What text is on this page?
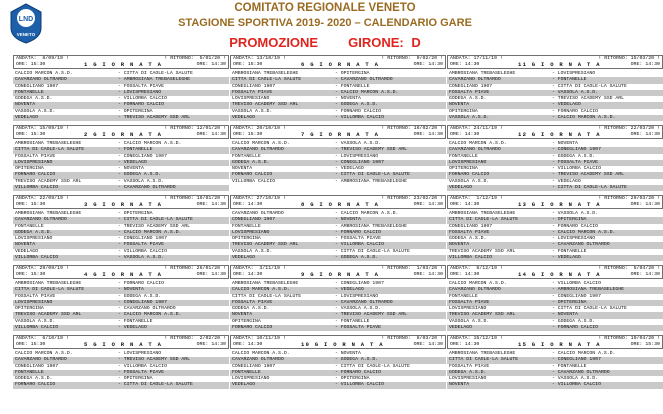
LND
VENETO
COMITATO REGIONALE VENETO
STAGIONE SPORTIVA 2019- 2020 – CALENDARIO GARE
PROMOZIONE GIRONE: D
ANDATA:  8/09/19 !
ORE: 15:30	1 G I O R N A T A
! RITORNO:  5/01/20 !
ORE: 14:30
CALCIO MARCON A.S.D.	- CITTA DI CAOLE-LA SALUTE
CAVARZANO OLTRARDO	- AMBROSIANA TREBASELEGHE
CONEGLIANO 1907	- FOSSALTA PIAVE
FONTANELLE	- LOVISPRESIANO
GODEGA A.S.D.	- VILLORBA CALCIO
NOVENTA	- FORNARO CALCIO
VASSOLA A.S.D.	- OPITERGINA
VEDELAGO	- TREVISO ACADEMY SSD ARL
ANDATA: 15/09/19 !
ORE: 15:30	2 G I O R N A T A
! RITORNO: 12/01/20 !
ORE: 14:30
AMBROSIANA TREBASELEGHE	- CALCIO MARCON A.S.D.
CITTA DI CAOLE-LA SALUTE	- FONTANELLE
FOSSALTA PIAVE	- CONEGLIANO 1907
LOVISPRESIANO	- VEDELAGO
OPITERGINA	- NOVENTA
FORNARO CALCIO	- GODEGA A.S.D.
TREVISO ACADEMY SSD ARL	- VASSOLA A.S.D.
VILLORBA CALCIO	- CAVARZANO OLTRARDO
ANDATA: 22/09/19 !
ORE: 15:30	3 G I O R N A T A
! RITORNO: 19/01/20 !
ORE: 14:30
AMBROSIANA TREBASELEGHE	- OPITERGINA
CAVARZANO OLTRARDO	- CITTA DI CAOLE-LA SALUTE
FONTANELLE	- TREVISO ACADEMY SSD ARL
GODEGA A.S.D.	- CALCIO MARCON A.S.D.
LOVISPRESIANO	- CONEGLIANO 1907
NOVENTA	- FOSSALTA PIAVE
VEDELAGO	- VILLORBA CALCIO
VILLORBA CALCIO	- VASSOLA A.S.D.
ANDATA: 29/09/19 !
ORE: 15:30	4 G I O R N A T A
! RITORNO: 26/01/20 !
ORE: 14:30
AMBROSIANA TREBASELEGHE	- FORNARO CALCIO
CITTA DI CAOLE-LA SALUTE	- NOVENTA
FOSSALTA PIAVE	- GODEGA A.S.D.
LOVISPRESIANO	- CONEGLIANO 1907
OPITERGINA	- CAVARZANO OLTRARDO
TREVISO ACADEMY SSD ARL	- CALCIO MARCON A.S.D.
VASSOLA A.S.D.	- FONTANELLE
VILLORBA CALCIO	- VEDELAGO
ANDATA:  6/10/19 !
ORE: 15:30	5 G I O R N A T A
! RITORNO:  2/02/20 !
ORE: 14:30
CALCIO MARCON A.S.D.	- LOVISPRESIANO
CAVARZANO OLTRARDO	- TREVISO ACADEMY SSD ARL
CONEGLIANO 1907	- VILLORBA CALCIO
FONTANELLE	- FOSSALTA PIAVE
GODEGA A.S.D.	- OPITERGINA
FORNARO CALCIO	- CITTA DI CAOLE-LA SALUTE
ANDATA: 13/10/19 !
ORE: 15:30	6 G I O R N A T A
! RITORNO:  9/02/20 !
ORE: 14:30
AMBROSIANA TREBASELEGHE	- OPITERGINA
CITTA DI CAOLE-LA SALUTE	- CAVARZANO OLTRARDO
CONEGLIANO 1907	- FONTANELLE
FOSSALTA PIAVE	- CALCIO MARCON A.S.D.
LOVISPRESIANO	- NOVENTA
TREVISO ACADEMY SSD ARL	- GODEGA A.S.D.
VASSOLA A.S.D.	- FORNARO CALCIO
VEDELAGO	- VILLORBA CALCIO
ANDATA: 20/10/19 !
ORE: 15:30	7 G I O R N A T A
! RITORNO: 16/02/20 !
ORE: 14:30
CALCIO MARCON A.S.D.	- VASSOLA A.S.D.
CAVARZANO OLTRARDO	- TREVISO ACADEMY SSD ARL
FONTANELLE	- LOVISPRESIANO
GODEGA A.S.D.	- CONEGLIANO 1907
NOVENTA	- VEDELAGO
FORNARO CALCIO	- CITTA DI CAOLE-LA SALUTE
VILLORBA CALCIO	- AMBROSIANA TREBASELEGHE
ANDATA: 27/10/19 !
ORE: 14:30	8 G I O R N A T A
! RITORNO: 23/02/20 !
ORE: 14:30
CAVARZANO OLTRARDO	- CALCIO MARCON A.S.D.
CONEGLIANO 1907	- NOVENTA
FONTANELLE	- AMBROSIANA TREBASELEGHE
LOVISPRESIANO	- FORNARO CALCIO
OPITERGINA	- FOSSALTA PIAVE
TREVISO ACADEMY SSD ARL	- VILLORBA CALCIO
VASSOLA A.S.D.	- CITTA DI CAOLE-LA SALUTE
VEDELAGO	- GODEGA A.S.D.
ANDATA:  3/11/19 !
ORE: 14:30	9 G I O R N A T A
! RITORNO:  1/03/20 !
ORE: 14:30
AMBROSIANA TREBASELEGHE	- CONEGLIANO 1907
CALCIO MARCON A.S.D.	- VEDELAGO
CITTA DI CAOLE-LA SALUTE	- LOVISPRESIANO
FOSSALTA PIAVE	- CAVARZANO OLTRARDO
GODEGA A.S.D.	- VASSOLA A.S.D.
NOVENTA	- TREVISO ACADEMY SSD ARL
OPITERGINA	- FONTANELLE
FORNARO CALCIO	- FOSSALTA PIAVE
ANDATA: 10/11/19 !
ORE: 14:30	10 G I O R N A T A
! RITORNO:  8/03/20 !
ORE: 14:30
CALCIO MARCON A.S.D.	- NOVENTA
CAVARZANO OLTRARDO	- GODEGA A.S.D.
CONEGLIANO 1907	- CITTA DI CAOLE-LA SALUTE
FONTANELLE	- FORNARO CALCIO
LOVISPRESIANO	- OPITERGINA
VEDELAGO	- VILLORBA CALCIO
ANDATA: 17/11/19 !
ORE: 14:30	11 G I O R N A T A
! RITORNO: 15/03/20 !
ORE: 14:30
AMBROSIANA TREBASELEGHE	- LOVISPRESIANO
CAVARZANO OLTRARDO	- FONTANELLE
CONEGLIANO 1907	- CITTA DI CAOLE-LA SALUTE
FOSSALTA PIAVE	- VASSOLA A.S.D.
GODEGA A.S.D.	- TREVISO ACADEMY SSD ARL
NOVENTA	- VEDELAGO
OPITERGINA	- FORNARO CALCIO
VASSOLA A.S.D.	- CALCIO MARCON A.S.D.
ANDATA: 24/11/19 !
ORE: 14:30	12 G I O R N A T A
! RITORNO: 22/03/20 !
ORE: 14:30
CALCIO MARCON A.S.D.	- NOVENTA
CAVARZANO OLTRARDO	- CONEGLIANO 1907
FONTANELLE	- GODEGA A.S.D.
LOVISPRESIANO	- FOSSALTA PIAVE
OPITERGINA	- VILLORBA CALCIO
FORNARO CALCIO	- TREVISO ACADEMY SSD ARL
VASSOLA A.S.D.	- VEDELAGO
VEDELAGO	- CITTA DI CAOLE-LA SALUTE
ANDATA:  1/12/19 !
ORE: 14:30	13 G I O R N A T A
! RITORNO: 29/03/20 !
ORE: 14:30
AMBROSIANA TREBASELEGHE	- VASSOLA A.S.D.
CITTA DI CAOLE-LA SALUTE	- OPITERGINA
CONEGLIANO 1907	- FORNARO CALCIO
FOSSALTA PIAVE	- CALCIO MARCON A.S.D.
GODEGA A.S.D.	- LOVISPRESIANO
NOVENTA	- CAVARZANO OLTRARDO
TREVISO ACADEMY SSD ARL	- FONTANELLE
VILLORBA CALCIO	- VEDELAGO
ANDATA:  8/12/19 !
ORE: 14:30	14 G I O R N A T A
! RITORNO:  5/04/20 !
ORE: 14:30
CALCIO MARCON A.S.D.	- VILLORBA CALCIO
CAVARZANO OLTRARDO	- AMBROSIANA TREBASELEGHE
FONTANELLE	- CONEGLIANO 1907
FOSSALTA PIAVE	- OPITERGINA
LOVISPRESIANO	- CITTA DI CAOLE-LA SALUTE
TREVISO ACADEMY SSD ARL	- NOVENTA
VASSOLA A.S.D.	- GODEGA A.S.D.
VEDELAGO	- FORNARO CALCIO
ANDATA: 15/12/19 !
ORE: 14:30	15 G I O R N A T A
! RITORNO: 19/04/20 !
ORE: 15:30
AMBROSIANA TREBASELEGHE	- CALCIO MARCON A.S.D.
CITTA DI CAOLE-LA SALUTE	- CONEGLIANO 1907
FOSSALTA PIAVE	- FONTANELLE
GODEGA A.S.D.	- CAVARZANO OLTRARDO
LOVISPRESIANO	- VASSOLA A.S.D.
NOVENTA	- VILLORBA CALCIO
